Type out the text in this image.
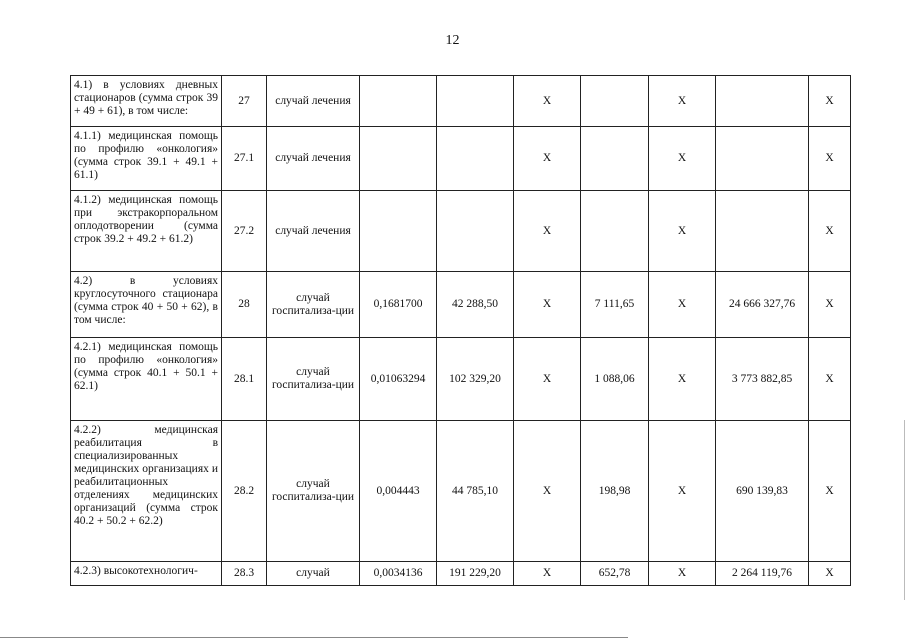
12
4.1) в условиях дневных стационаров (сумма строк 39 + 49 + 61), в том числе:	27	случай лечения			X		X		X
4.1.1) медицинская помощь по профилю «онкология» (сумма строк 39.1 + 49.1 + 61.1)	27.1	случай лечения			X		X		X
4.1.2) медицинская помощь при экстракорпоральном оплодотворении (сумма строк 39.2 + 49.2 + 61.2)	27.2	случай лечения			X		X		X
4.2) в условиях круглосуточного стационара (сумма строк 40 + 50 + 62), в том числе:	28	случай госпитализа-ции	0,1681700	42 288,50	X	7 111,65	X	24 666 327,76	X
4.2.1) медицинская помощь по профилю «онкология» (сумма строк 40.1 + 50.1 + 62.1)	28.1	случай госпитализа-ции	0,01063294	102 329,20	X	1 088,06	X	3 773 882,85	X
4.2.2) медицинская реабилитация в специализированных медицинских организациях и реабилитационных отделениях медицинских организаций (сумма строк 40.2 + 50.2 + 62.2)	28.2	случай госпитализа-ции	0,004443	44 785,10	X	198,98	X	690 139,83	X
4.2.3) высокотехнологич-	28.3	случай	0,0034136	191 229,20	X	652,78	X	2 264 119,76	X
